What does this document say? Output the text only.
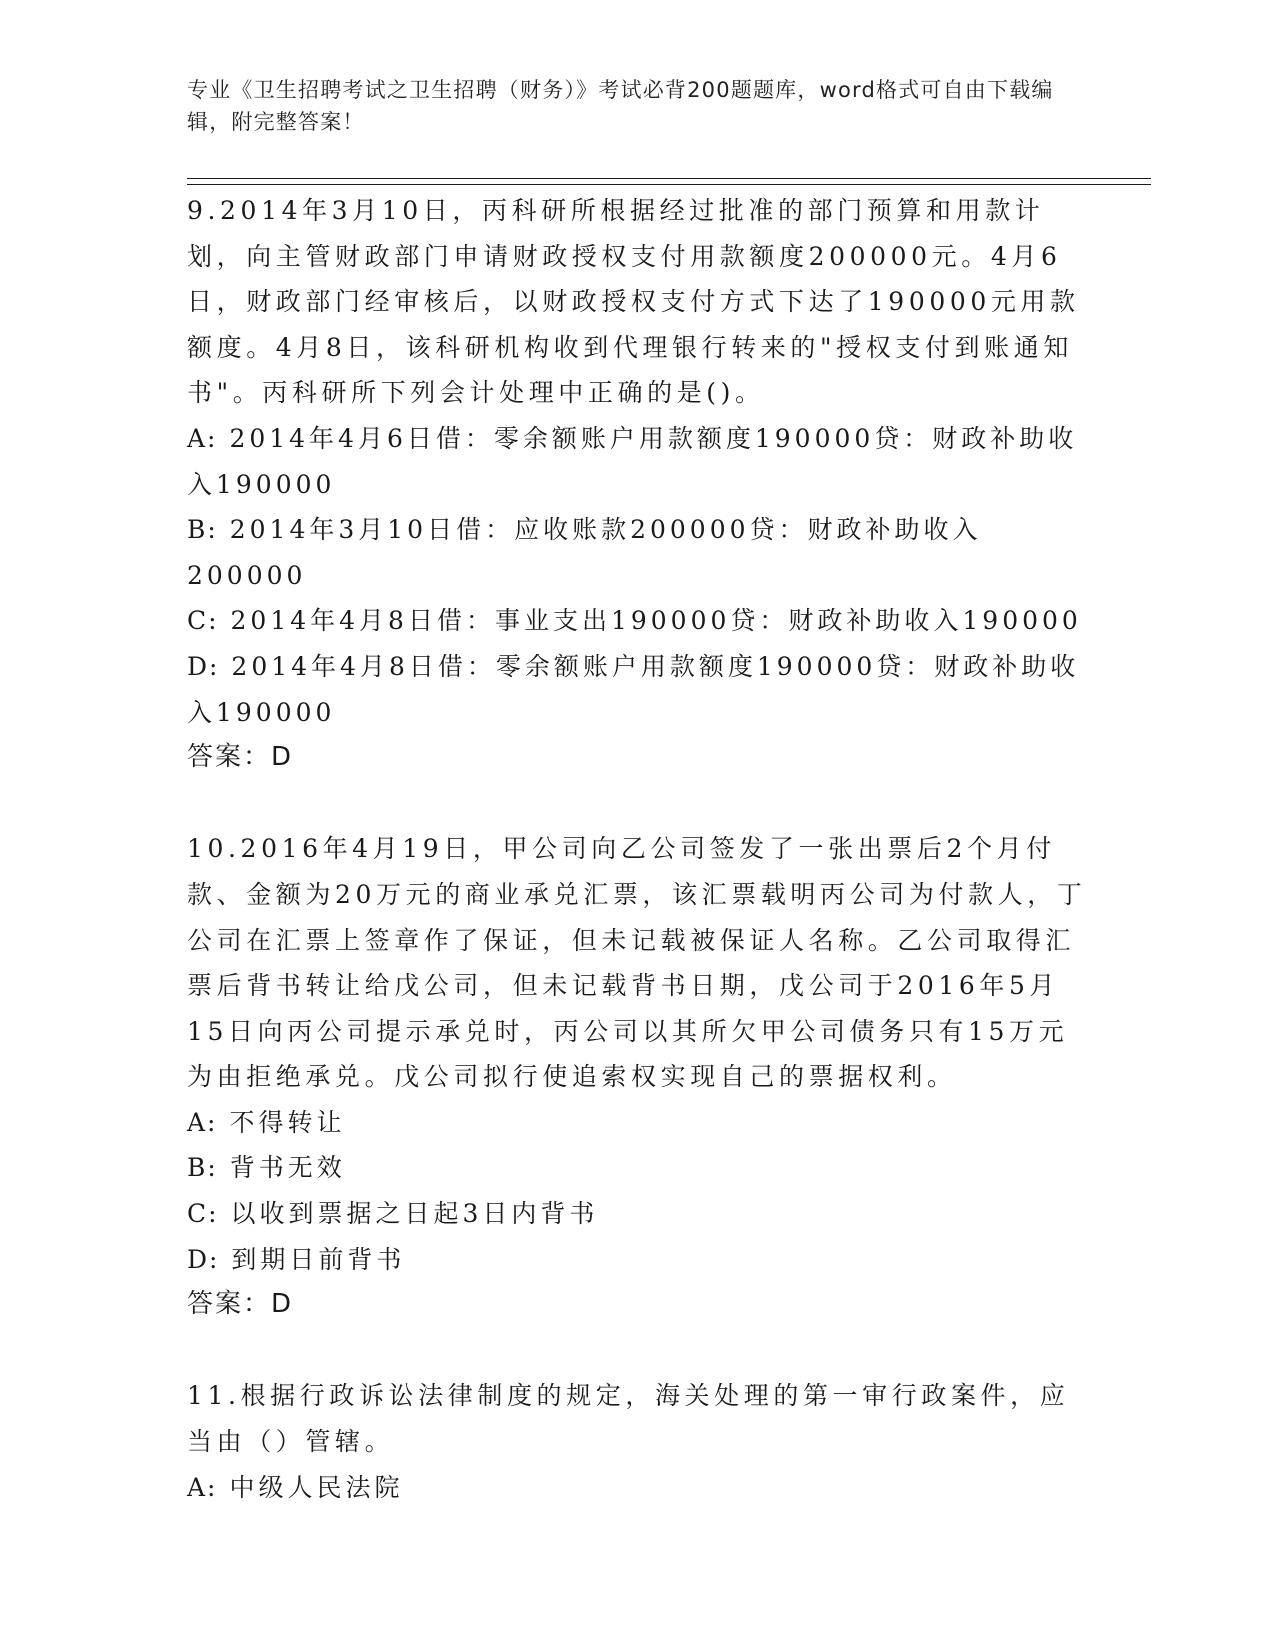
专业《卫生招聘考试之卫生招聘（财务）》考试必背200题题库，word格式可自由下载编辑，附完整答案！

9.2014年3月10日，丙科研所根据经过批准的部门预算和用款计划，向主管财政部门申请财政授权支付用款额度200000元。4月6日，财政部门经审核后，以财政授权支付方式下达了190000元用款额度。4月8日，该科研机构收到代理银行转来的"授权支付到账通知书"。丙科研所下列会计处理中正确的是()。

A: 2014年4月6日借：零余额账户用款额度190000贷：财政补助收入190000

B: 2014年3月10日借：应收账款200000贷：财政补助收入200000

C: 2014年4月8日借：事业支出190000贷：财政补助收入190000

D: 2014年4月8日借：零余额账户用款额度190000贷：财政补助收入190000

答案：D

10.2016年4月19日，甲公司向乙公司签发了一张出票后2个月付款、金额为20万元的商业承兑汇票，该汇票载明丙公司为付款人，丁公司在汇票上签章作了保证，但未记载被保证人名称。乙公司取得汇票后背书转让给戊公司，但未记载背书日期，戊公司于2016年5月15日向丙公司提示承兑时，丙公司以其所欠甲公司债务只有15万元为由拒绝承兑。戊公司拟行使追索权实现自己的票据权利。

A: 不得转让

B: 背书无效

C: 以收到票据之日起3日内背书

D: 到期日前背书

答案：D

11.根据行政诉讼法律制度的规定，海关处理的第一审行政案件，应当由（）管辖。

A: 中级人民法院
